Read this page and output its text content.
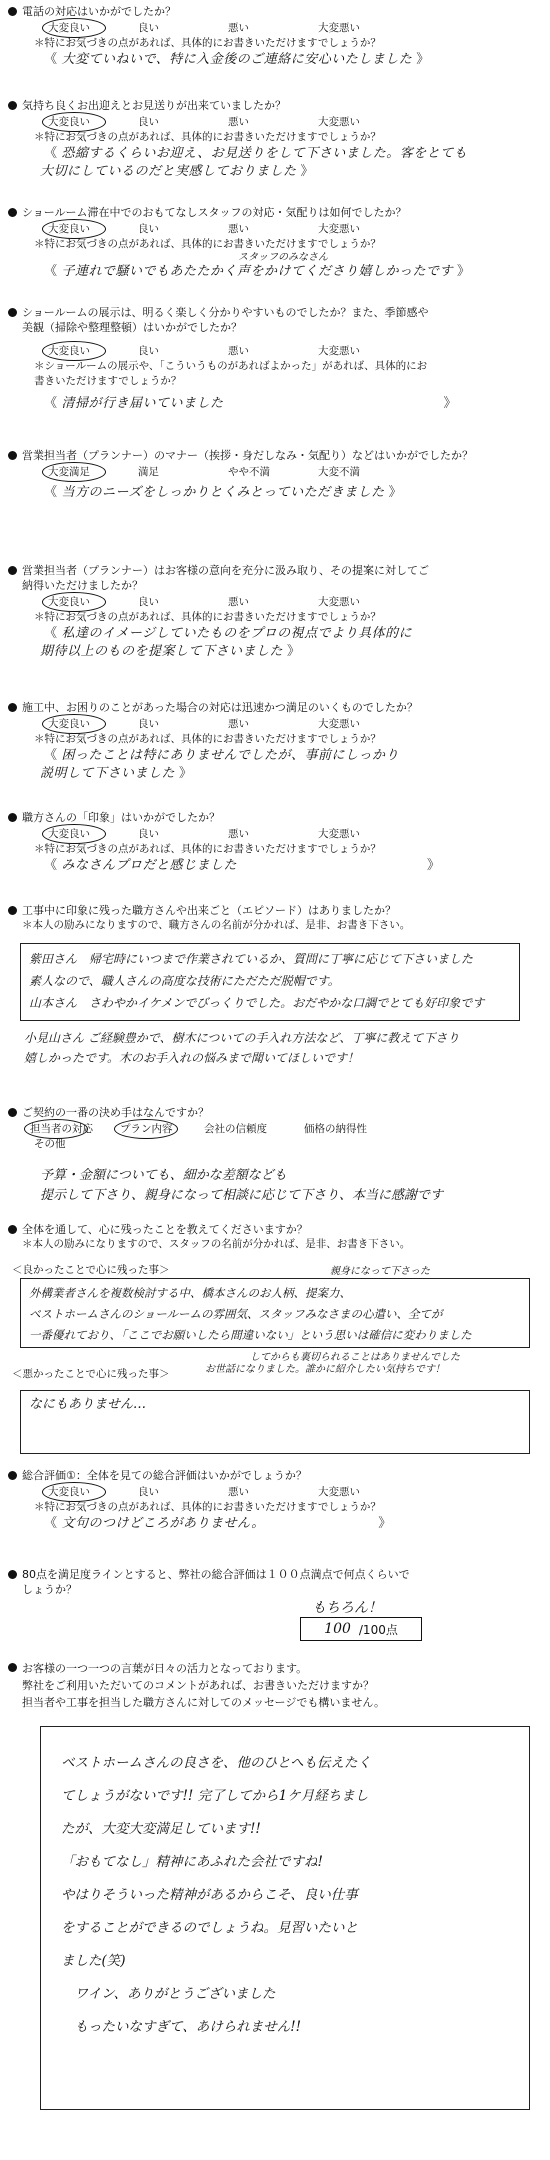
電話の対応はいかがでしたか？
大変良い	良い	悪い	大変悪い
＊特にお気づきの点があれば、具体的にお書きいただけますでしょうか？
《 大変ていねいで、特に入金後のご連絡に安心いたしました 》
気持ち良くお出迎えとお見送りが出来ていましたか？
大変良い	良い	悪い	大変悪い
＊特にお気づきの点があれば、具体的にお書きいただけますでしょうか？
《 恐縮するくらいお迎え、お見送りをして下さいました。客をとても
大切にしているのだと実感しておりました 》
ショールーム滞在中でのおもてなしスタッフの対応・気配りは如何でしたか？
大変良い	良い	悪い	大変悪い
＊特にお気づきの点があれば、具体的にお書きいただけますでしょうか？
スタッフのみなさん
《 子連れで騒いでもあたたかく声をかけてくださり嬉しかったです 》
ショールームの展示は、明るく楽しく分かりやすいものでしたか？また、季節感や
美観（掃除や整理整頓）はいかがでしたか？
大変良い	良い	悪い	大変悪い
＊ショールームの展示や、「こういうものがあればよかった」があれば、具体的にお
書きいただけますでしょうか？
《 清掃が行き届いていました	》
営業担当者（プランナー）のマナー（挨拶・身だしなみ・気配り）などはいかがでしたか？
大変満足	満足	やや不満	大変不満
《 当方のニーズをしっかりとくみとっていただきました 》
営業担当者（プランナー）はお客様の意向を充分に汲み取り、その提案に対してご
納得いただけましたか？
大変良い	良い	悪い	大変悪い
＊特にお気づきの点があれば、具体的にお書きいただけますでしょうか？
《 私達のイメージしていたものをプロの視点でより具体的に
期待以上のものを提案して下さいました 》
施工中、お困りのことがあった場合の対応は迅速かつ満足のいくものでしたか？
大変良い	良い	悪い	大変悪い
＊特にお気づきの点があれば、具体的にお書きいただけますでしょうか？
《 困ったことは特にありませんでしたが、事前にしっかり
説明して下さいました 》
職方さんの「印象」はいかがでしたか？
大変良い	良い	悪い	大変悪い
＊特にお気づきの点があれば、具体的にお書きいただけますでしょうか？
《 みなさんプロだと感じました	》
工事中に印象に残った職方さんや出来ごと（エピソード）はありましたか？
＊本人の励みになりますので、職方さんの名前が分かれば、是非、お書き下さい。
紫田さん　帰宅時にいつまで作業されているか、質問に丁寧に応じて下さいました
素人なので、職人さんの高度な技術にただただ脱帽です。
山本さん　さわやかイケメンでびっくりでした。おだやかな口調でとても好印象です
小見山さん ご経験豊かで、樹木についての手入れ方法など、丁寧に教えて下さり
嬉しかったです。木のお手入れの悩みまで聞いてほしいです！
ご契約の一番の決め手はなんですか？
担当者の対応	プラン内容	会社の信頼度	価格の納得性
その他
予算・金額についても、細かな差額なども
提示して下さり、親身になって相談に応じて下さり、本当に感謝です
全体を通して、心に残ったことを教えてくださいますか？
＊本人の励みになりますので、スタッフの名前が分かれば、是非、お書き下さい。
＜良かったことで心に残った事＞	親身になって下さった
外構業者さんを複数検討する中、橋本さんのお人柄、提案力、
ベストホームさんのショールームの雰囲気、スタッフみなさまの心遣い、全てが
一番優れており、「ここでお願いしたら間違いない」という思いは確信に変わりました
してからも裏切られることはありませんでした
＜悪かったことで心に残った事＞	お世話になりました。誰かに紹介したい気持ちです！
なにもありません…
総合評価①：全体を見ての総合評価はいかがでしょうか？
大変良い	良い	悪い	大変悪い
＊特にお気づきの点があれば、具体的にお書きいただけますでしょうか？
《 文句のつけどころがありません。	》
80点を満足度ラインとすると、弊社の総合評価は１００点満点で何点くらいで
しょうか？
もちろん！
100 /100点
お客様の一つ一つの言葉が日々の活力となっております。
弊社をご利用いただいてのコメントがあれば、お書きいただけますか？
担当者や工事を担当した職方さんに対してのメッセージでも構いません。
ベストホームさんの良さを、他のひとへも伝えたく
てしょうがないです!! 完了してから1ケ月経ちまし
たが、大変大変満足しています!!
「おもてなし」精神にあふれた会社ですね!
やはりそういった精神があるからこそ、良い仕事
をすることができるのでしょうね。見習いたいと
ました(笑)
　ワイン、ありがとうございました
　もったいなすぎて、あけられません!!
